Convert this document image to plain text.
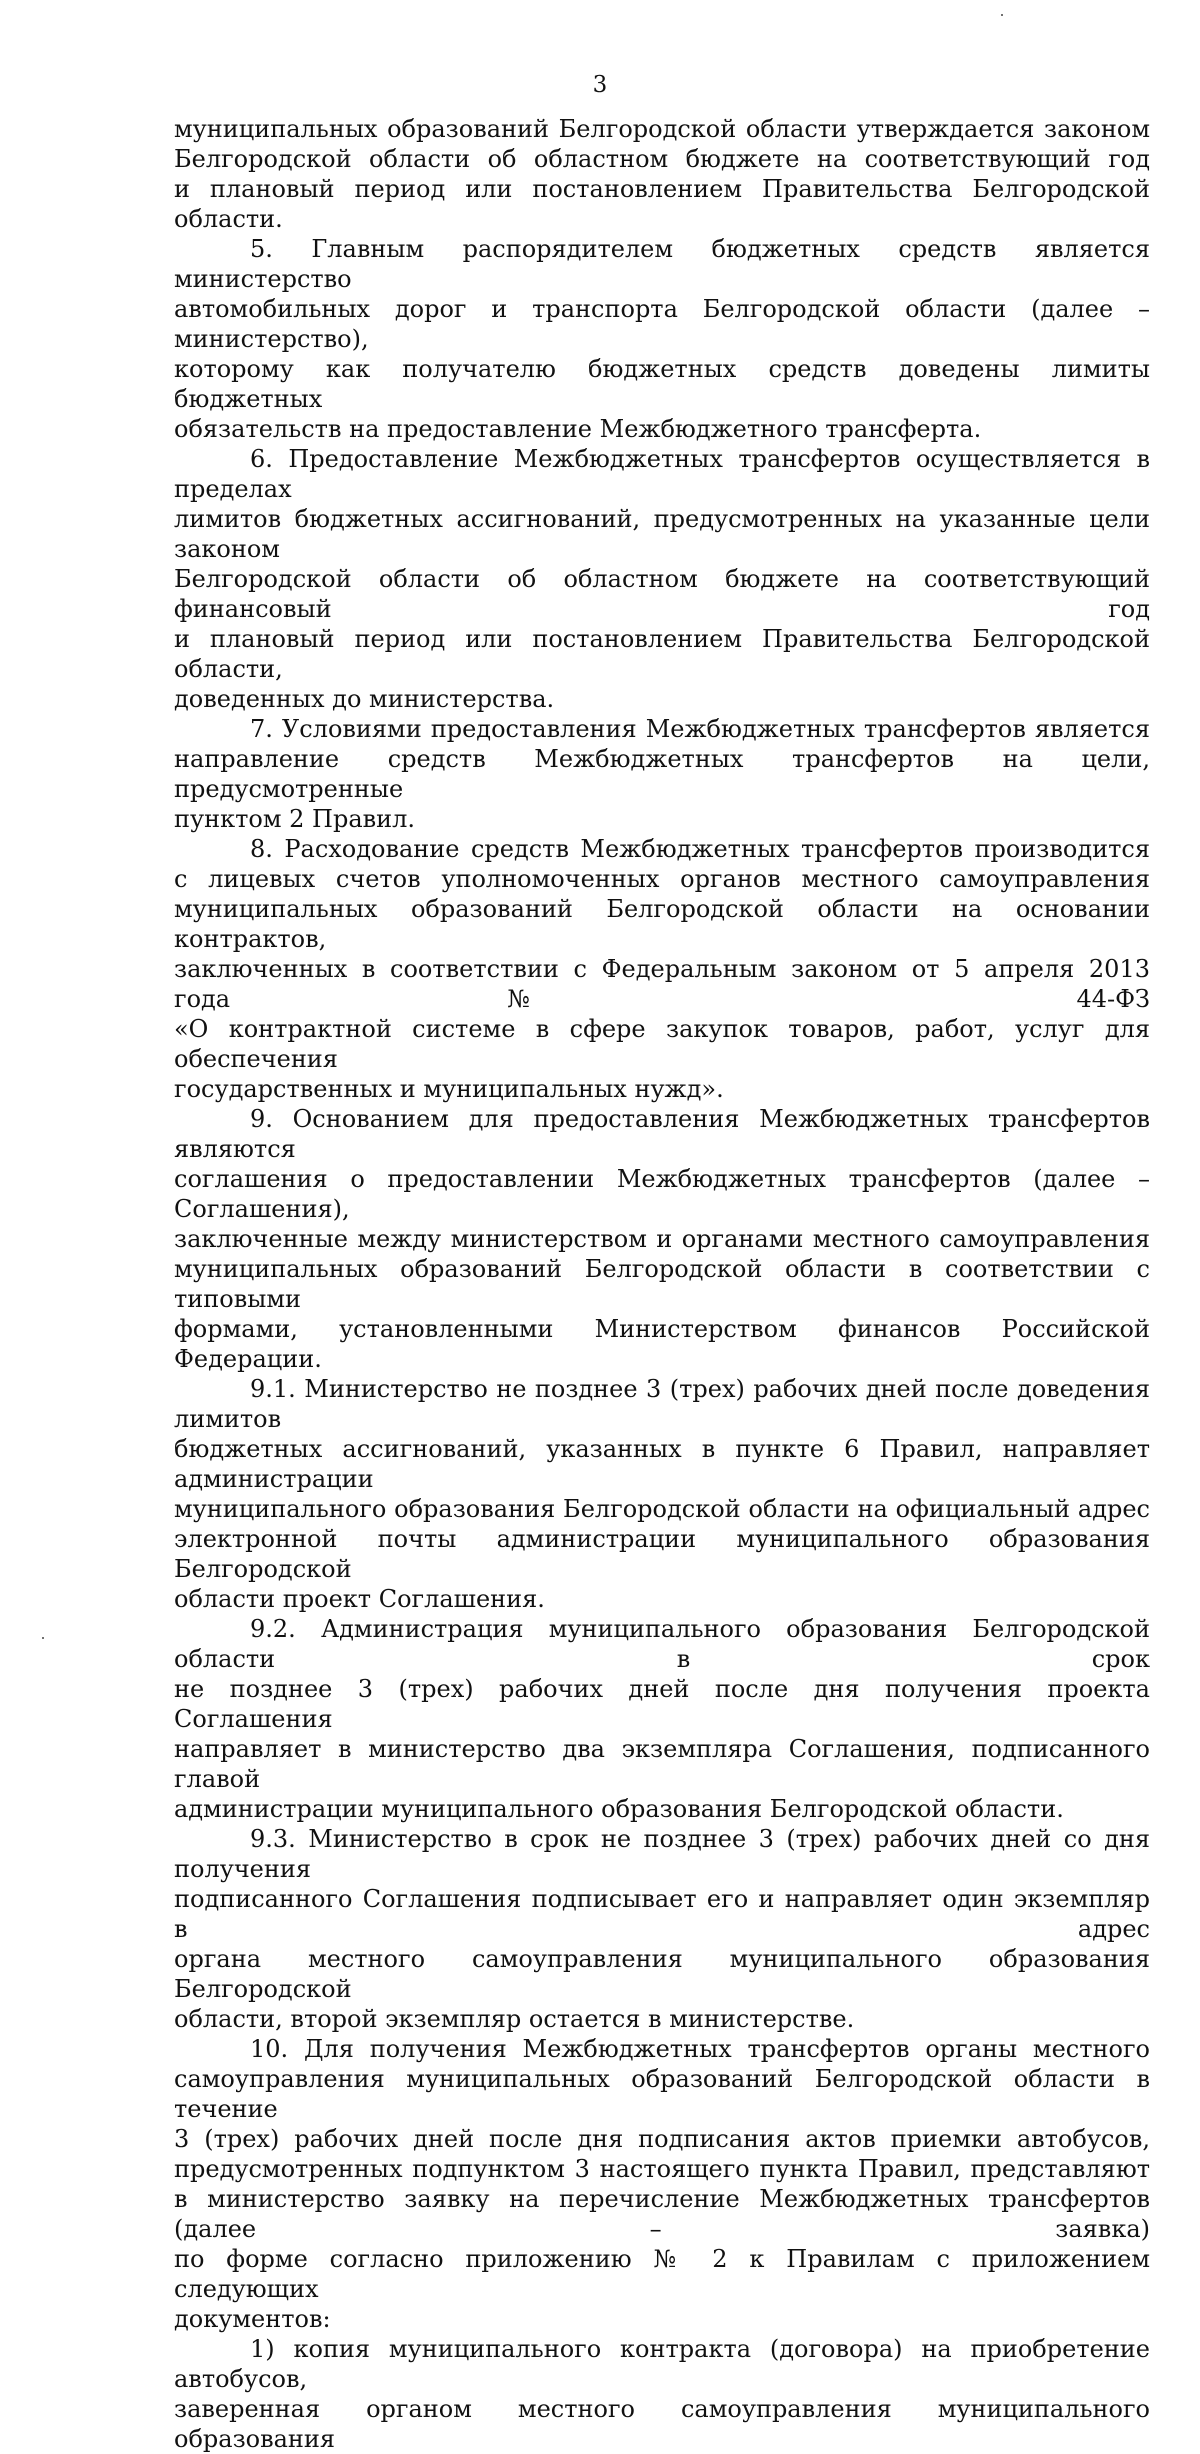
3

муниципальных образований Белгородской области утверждается законом

Белгородской области об областном бюджете на соответствующий год

и плановый период или постановлением Правительства Белгородской области.

5. Главным распорядителем бюджетных средств является министерство

автомобильных дорог и транспорта Белгородской области (далее – министерство),

которому как получателю бюджетных средств доведены лимиты бюджетных

обязательств на предоставление Межбюджетного трансферта.

6. Предоставление Межбюджетных трансфертов осуществляется в пределах

лимитов бюджетных ассигнований, предусмотренных на указанные цели законом

Белгородской области об областном бюджете на соответствующий финансовый год

и плановый период или постановлением Правительства Белгородской области,

доведенных до министерства.

7. Условиями предоставления Межбюджетных трансфертов является

направление средств Межбюджетных трансфертов на цели, предусмотренные

пунктом 2 Правил.

8. Расходование средств Межбюджетных трансфертов производится

с лицевых счетов уполномоченных органов местного самоуправления

муниципальных образований Белгородской области на основании контрактов,

заключенных в соответствии с Федеральным законом от 5 апреля 2013 года № 44-ФЗ

«О контрактной системе в сфере закупок товаров, работ, услуг для обеспечения

государственных и муниципальных нужд».

9. Основанием для предоставления Межбюджетных трансфертов являются

соглашения о предоставлении Межбюджетных трансфертов (далее – Соглашения),

заключенные между министерством и органами местного самоуправления

муниципальных образований Белгородской области в соответствии с типовыми

формами, установленными Министерством финансов Российской Федерации.

9.1. Министерство не позднее 3 (трех) рабочих дней после доведения лимитов

бюджетных ассигнований, указанных в пункте 6 Правил, направляет администрации

муниципального образования Белгородской области на официальный адрес

электронной почты администрации муниципального образования Белгородской

области проект Соглашения.

9.2. Администрация муниципального образования Белгородской области в срок

не позднее 3 (трех) рабочих дней после дня получения проекта Соглашения

направляет в министерство два экземпляра Соглашения, подписанного главой

администрации муниципального образования Белгородской области.

9.3. Министерство в срок не позднее 3 (трех) рабочих дней со дня получения

подписанного Соглашения подписывает его и направляет один экземпляр в адрес

органа местного самоуправления муниципального образования Белгородской

области, второй экземпляр остается в министерстве.

10. Для получения Межбюджетных трансфертов органы местного

самоуправления муниципальных образований Белгородской области в течение

3 (трех) рабочих дней после дня подписания актов приемки автобусов,

предусмотренных подпунктом 3 настоящего пункта Правил, представляют

в министерство заявку на перечисление Межбюджетных трансфертов (далее – заявка)

по форме согласно приложению № 2 к Правилам с приложением следующих

документов:

1) копия муниципального контракта (договора) на приобретение автобусов,

заверенная органом местного самоуправления муниципального образования
